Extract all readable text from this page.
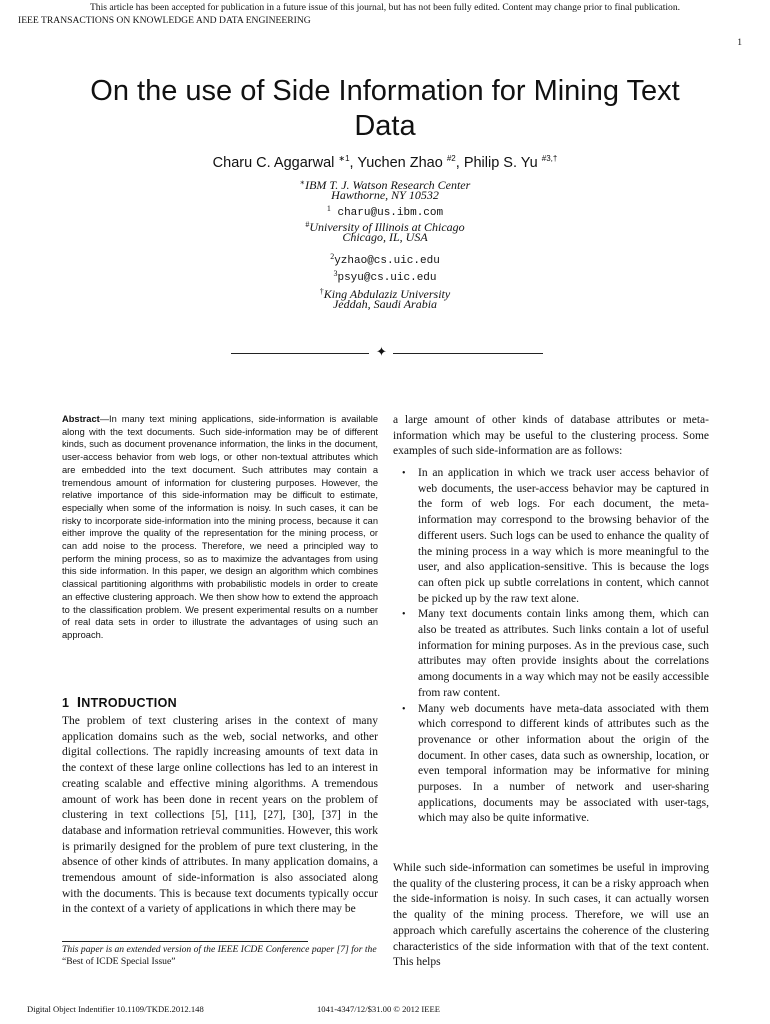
This article has been accepted for publication in a future issue of this journal, but has not been fully edited. Content may change prior to final publication.
IEEE TRANSACTIONS ON KNOWLEDGE AND DATA ENGINEERING
1
On the use of Side Information for Mining Text
Data
Charu C. Aggarwal $^{∗1}$, Yuchen Zhao $^{\#2}$, Philip S. Yu $^{\#3,\dagger}$
∗IBM T. J. Watson Research Center
Hawthorne, NY 10532
$^1$ charu@us.ibm.com
#University of Illinois at Chicago
Chicago, IL, USA
$^2$yzhao@cs.uic.edu
$^3$psyu@cs.uic.edu
†King Abdulaziz University
Jeddah, Saudi Arabia
✦

Abstract—In many text mining applications, side-information is available along with the text documents. Such side-information may be of different kinds, such as document provenance information, the links in the document, user-access behavior from web logs, or other non-textual attributes which are embedded into the text document. Such attributes may contain a tremendous amount of information for clustering purposes. However, the relative importance of this side-information may be difficult to estimate, especially when some of the information is noisy. In such cases, it can be risky to incorporate side-information into the mining process, because it can either improve the quality of the representation for the mining process, or can add noise to the process. Therefore, we need a principled way to perform the mining process, so as to maximize the advantages from using this side information. In this paper, we design an algorithm which combines classical partitioning algorithms with probabilistic models in order to create an effective clustering approach. We then show how to extend the approach to the classification problem. We present experimental results on a number of real data sets in order to illustrate the advantages of using such an approach.

1 INTRODUCTION

The problem of text clustering arises in the context of many application domains such as the web, social networks, and other digital collections. The rapidly increasing amounts of text data in the context of these large online collections has led to an interest in creating scalable and effective mining algorithms. A tremendous amount of work has been done in recent years on the problem of clustering in text collections [5], [11], [27], [30], [37] in the database and information retrieval communities. However, this work is primarily designed for the problem of pure text clustering, in the absence of other kinds of attributes. In many application domains, a tremendous amount of side-information is also associated along with the documents. This is because text documents typically occur in the context of a variety of applications in which there may be

This paper is an extended version of the IEEE ICDE Conference paper [7] for the “Best of ICDE Special Issue”

a large amount of other kinds of database attributes or meta-information which may be useful to the clustering process. Some examples of such side-information are as follows:

• In an application in which we track user access behavior of web documents, the user-access behavior may be captured in the form of web logs. For each document, the meta-information may correspond to the browsing behavior of the different users. Such logs can be used to enhance the quality of the mining process in a way which is more meaningful to the user, and also application-sensitive. This is because the logs can often pick up subtle correlations in content, which cannot be picked up by the raw text alone.
• Many text documents contain links among them, which can also be treated as attributes. Such links contain a lot of useful information for mining purposes. As in the previous case, such attributes may often provide insights about the correlations among documents in a way which may not be easily accessible from raw content.
• Many web documents have meta-data associated with them which correspond to different kinds of attributes such as the provenance or other information about the origin of the document. In other cases, data such as ownership, location, or even temporal information may be informative for mining purposes. In a number of network and user-sharing applications, documents may be associated with user-tags, which may also be quite informative.

While such side-information can sometimes be useful in improving the quality of the clustering process, it can be a risky approach when the side-information is noisy. In such cases, it can actually worsen the quality of the mining process. Therefore, we will use an approach which carefully ascertains the coherence of the clustering characteristics of the side information with that of the text content. This helps

Digital Object Indentifier 10.1109/TKDE.2012.148	1041-4347/12/$31.00 © 2012 IEEE
